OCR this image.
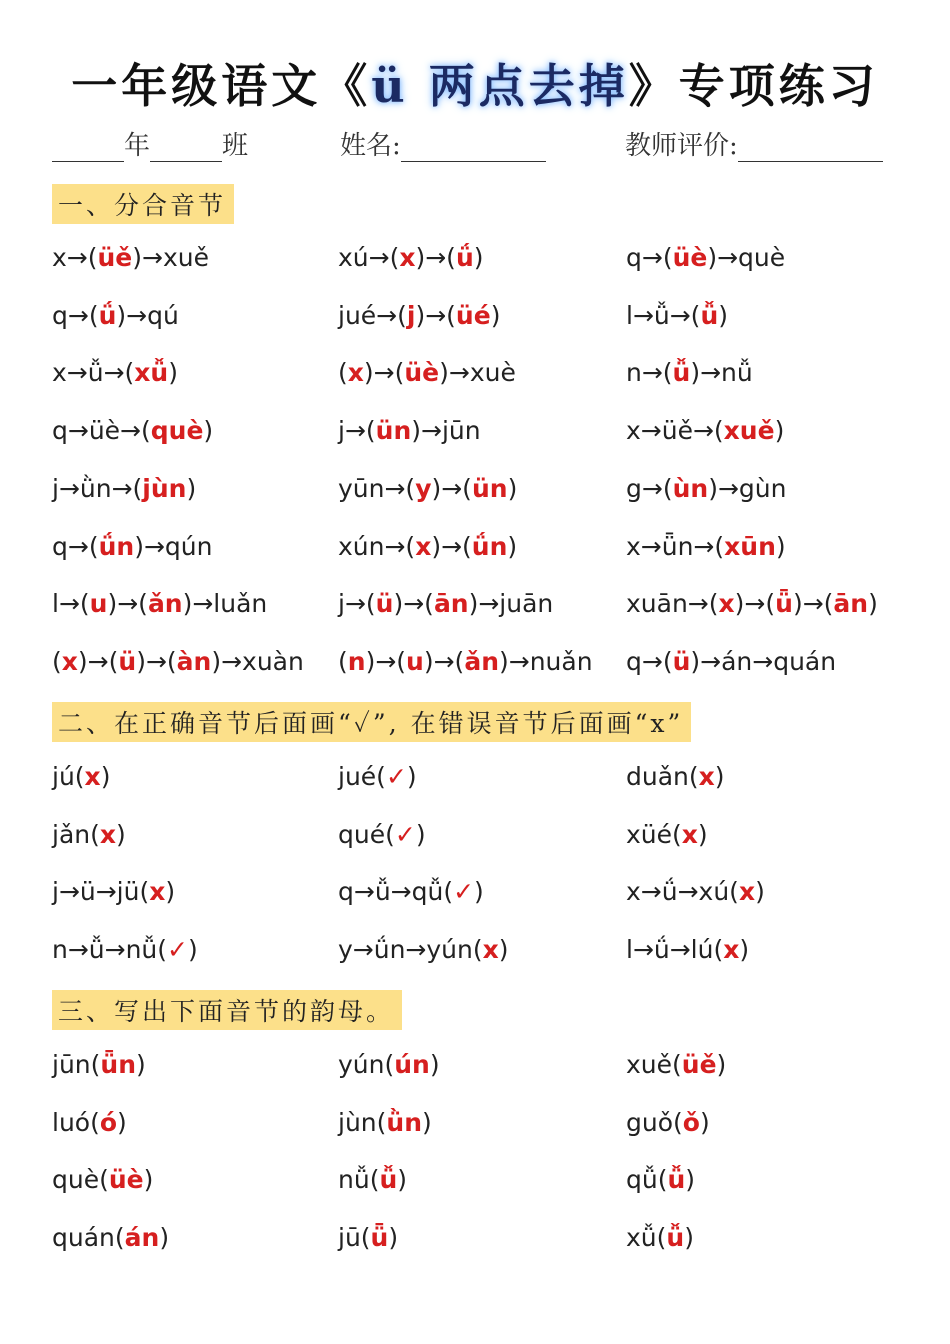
一年级语文《ü 两点去掉》专项练习
年	班	姓名:	教师评价:
一、分合音节
二、在正确音节后面画“✓”, 在错误音节后面画“x”
三、写出下面音节的韵母。
x→(üě)→xuě	xú→(x)→(ǘ)	q→(üè)→què
q→(ǘ)→qú	jué→(j)→(üé)	l→ǚ→(ǚ)
x→ǚ→(xǚ)	(x)→(üè)→xuè	n→(ǚ)→nǚ
q→üè→(què)	j→(ün)→jūn	x→üě→(xuě)
j→ǜn→(jùn)	yūn→(y)→(ün)	g→(ùn)→gùn
q→(ǘn)→qún	xún→(x)→(ǘn)	x→ǖn→(xūn)
l→(u)→(ǎn)→luǎn	j→(ü)→(ān)→juān	xuān→(x)→(ǖ)→(ān)
(x)→(ü)→(àn)→xuàn (n)→(u)→(ǎn)→nuǎn q→(ü)→án→quán
jú(x)	jué(✓)	duǎn(x)
jǎn(x)	qué(✓)	xüé(x)
j→ü→jü(x)	q→ǚ→qǚ(✓)	x→ǘ→xú(x)
n→ǚ→nǚ(✓)	y→ǘn→yún(x)	l→ǘ→lú(x)
jūn(ǖn)	yún(ún)	xuě(üě)
luó(ó)	jùn(ǜn)	guǒ(ǒ)
què(üè)	nǚ(ǚ)	qǚ(ǚ)
quán(án)	jū(ǖ)	xǚ(ǚ)
